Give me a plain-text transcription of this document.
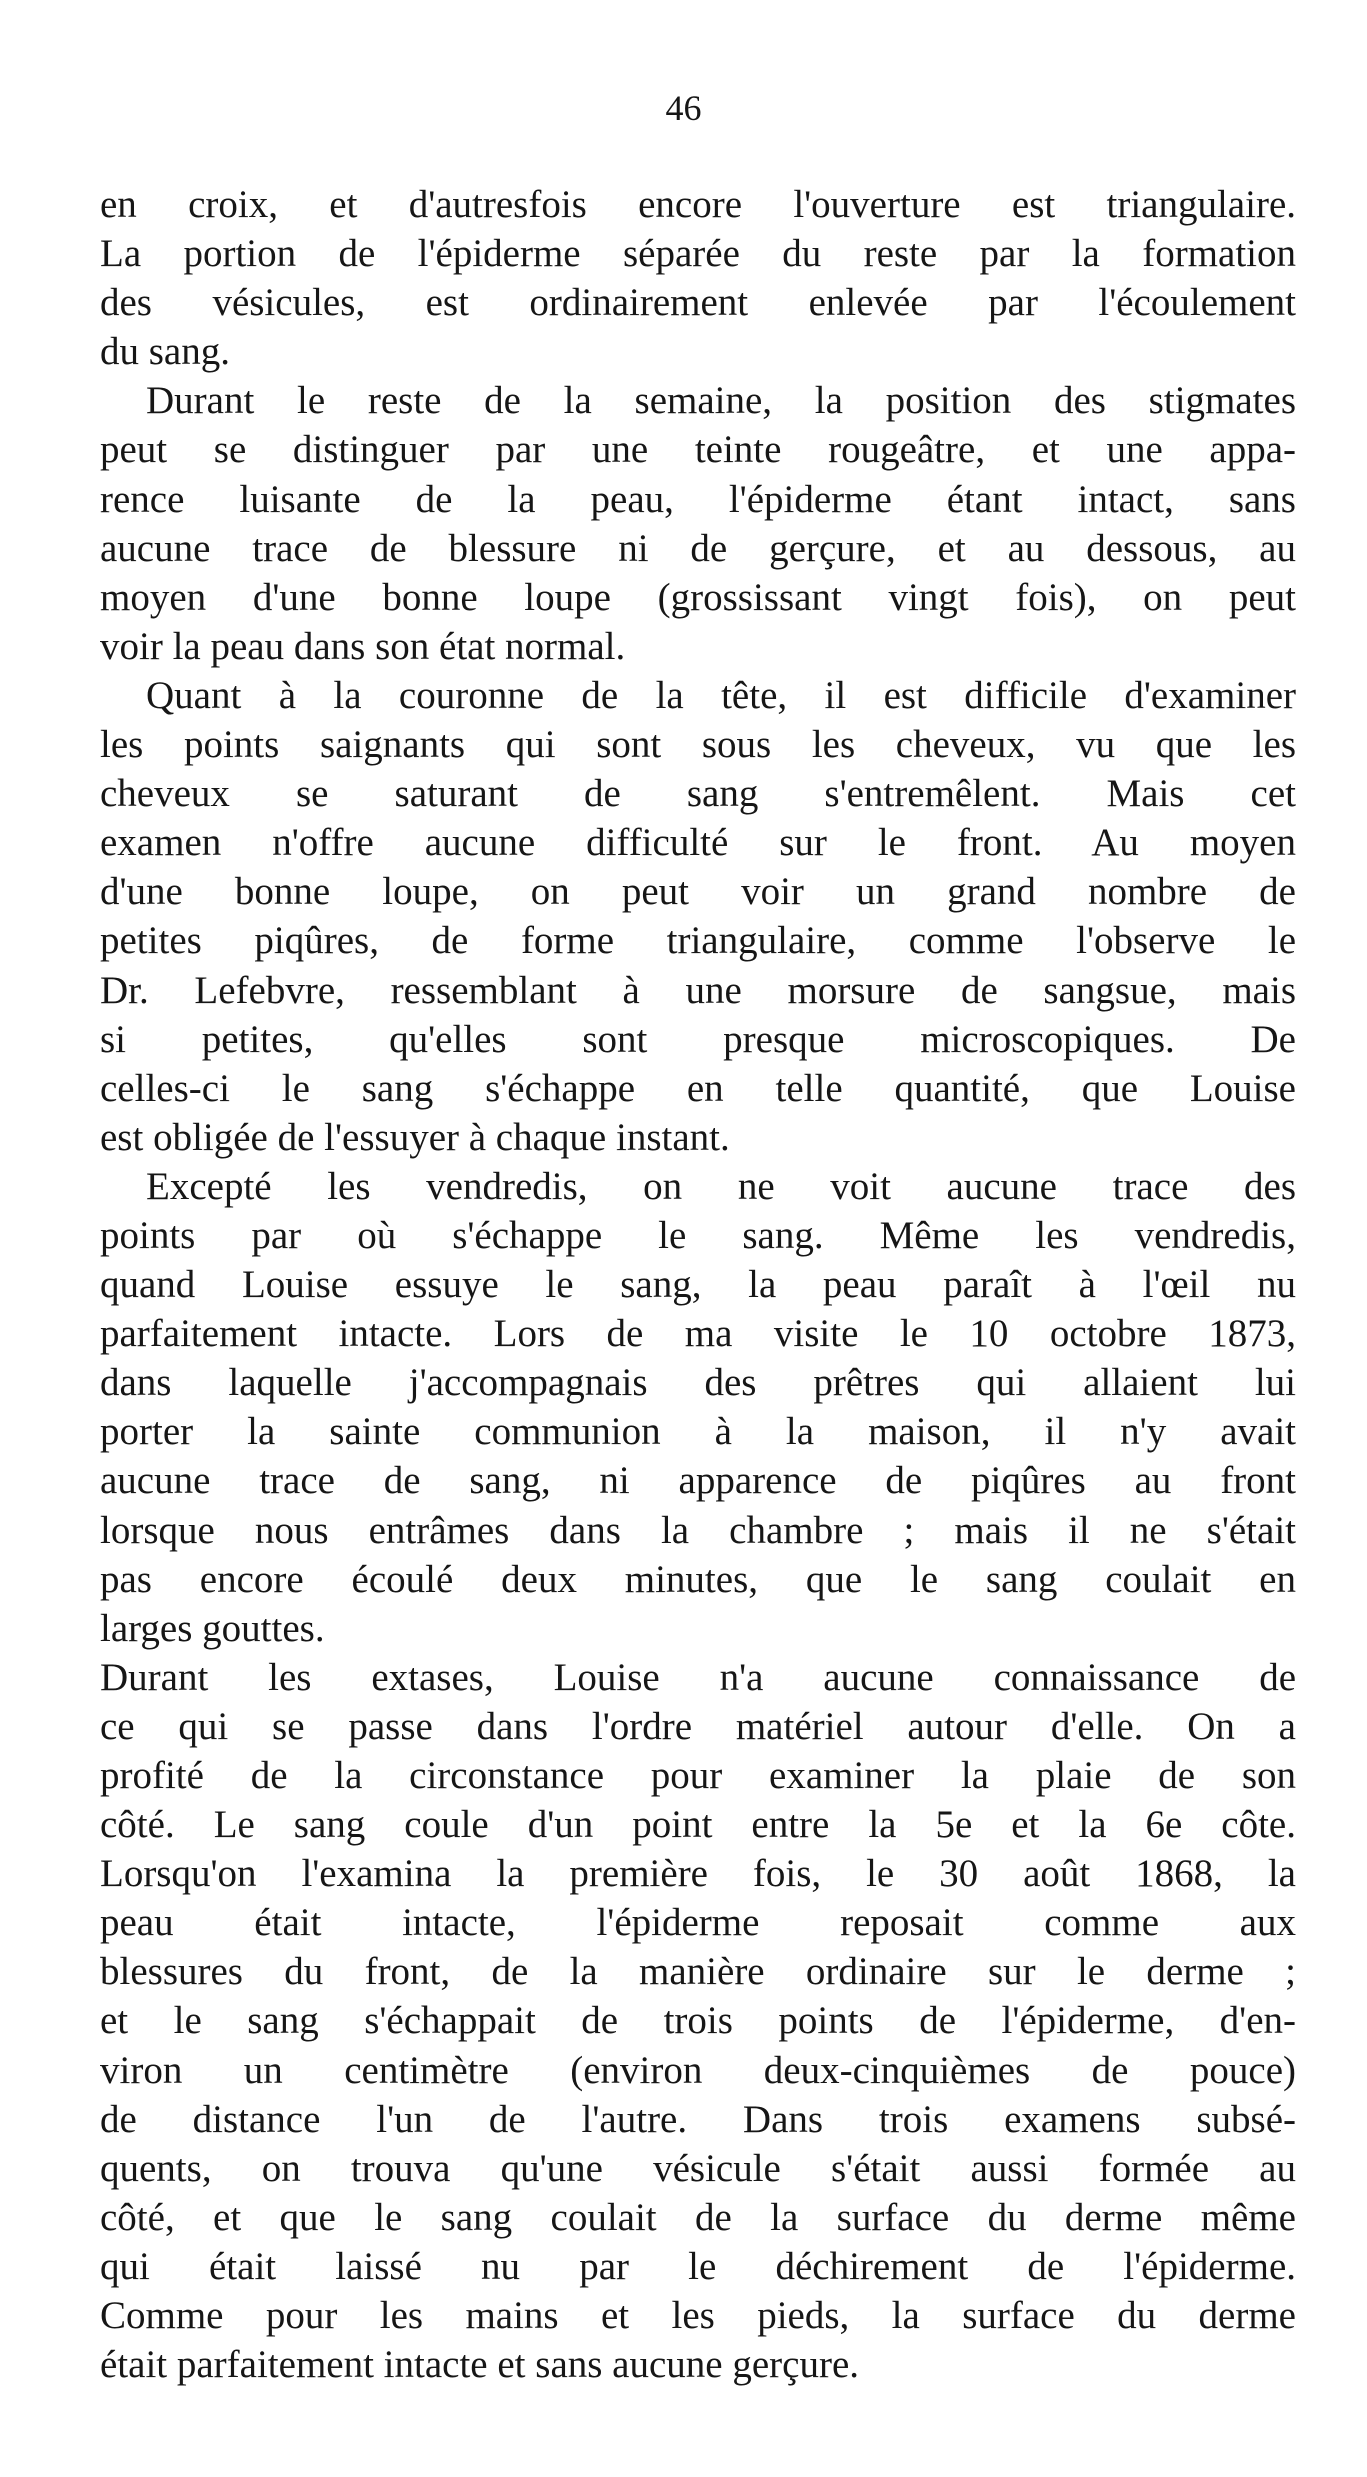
46
en croix, et d'autresfois encore l'ouverture est triangulaire.
La portion de l'épiderme séparée du reste par la formation
des vésicules, est ordinairement enlevée par l'écoulement
du sang.
Durant le reste de la semaine, la position des stigmates
peut se distinguer par une teinte rougeâtre, et une appa-
rence luisante de la peau, l'épiderme étant intact, sans
aucune trace de blessure ni de gerçure, et au dessous, au
moyen d'une bonne loupe (grossissant vingt fois), on peut
voir la peau dans son état normal.
Quant à la couronne de la tête, il est difficile d'examiner
les points saignants qui sont sous les cheveux, vu que les
cheveux se saturant de sang s'entremêlent. Mais cet
examen n'offre aucune difficulté sur le front. Au moyen
d'une bonne loupe, on peut voir un grand nombre de
petites piqûres, de forme triangulaire, comme l'observe le
Dr. Lefebvre, ressemblant à une morsure de sangsue, mais
si petites, qu'elles sont presque microscopiques. De
celles-ci le sang s'échappe en telle quantité, que Louise
est obligée de l'essuyer à chaque instant.
Excepté les vendredis, on ne voit aucune trace des
points par où s'échappe le sang. Même les vendredis,
quand Louise essuye le sang, la peau paraît à l'œil nu
parfaitement intacte. Lors de ma visite le 10 octobre 1873,
dans laquelle j'accompagnais des prêtres qui allaient lui
porter la sainte communion à la maison, il n'y avait
aucune trace de sang, ni apparence de piqûres au front
lorsque nous entrâmes dans la chambre ; mais il ne s'était
pas encore écoulé deux minutes, que le sang coulait en
larges gouttes.
Durant les extases, Louise n'a aucune connaissance de
ce qui se passe dans l'ordre matériel autour d'elle. On a
profité de la circonstance pour examiner la plaie de son
côté. Le sang coule d'un point entre la 5e et la 6e côte.
Lorsqu'on l'examina la première fois, le 30 août 1868, la
peau était intacte, l'épiderme reposait comme aux
blessures du front, de la manière ordinaire sur le derme ;
et le sang s'échappait de trois points de l'épiderme, d'en-
viron un centimètre (environ deux-cinquièmes de pouce)
de distance l'un de l'autre. Dans trois examens subsé-
quents, on trouva qu'une vésicule s'était aussi formée au
côté, et que le sang coulait de la surface du derme même
qui était laissé nu par le déchirement de l'épiderme.
Comme pour les mains et les pieds, la surface du derme
était parfaitement intacte et sans aucune gerçure.
